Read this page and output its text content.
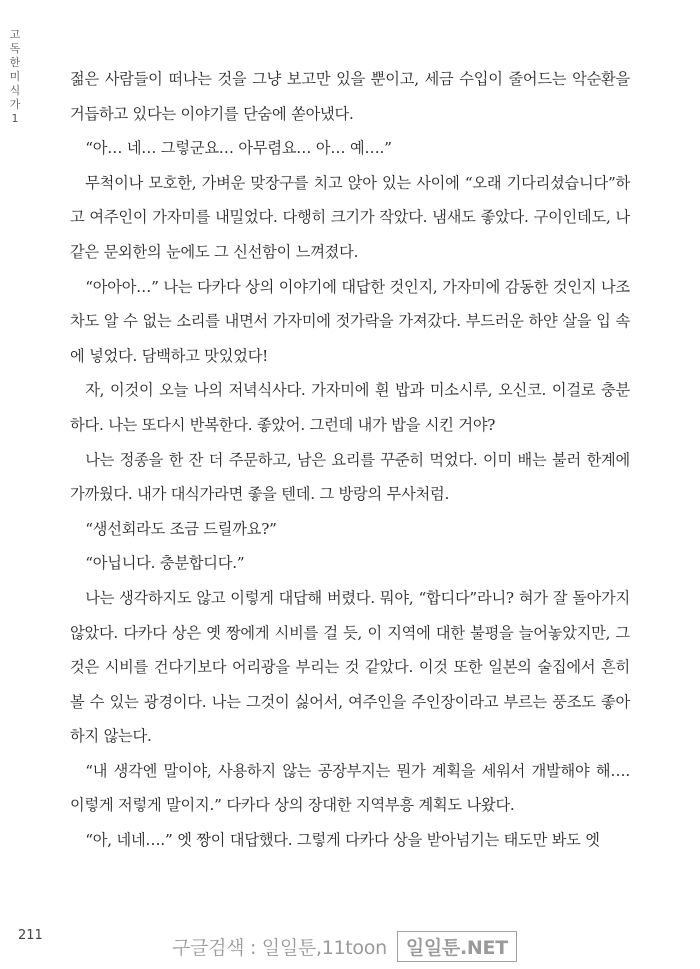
고독한 미식가 1

젊은 사람들이 떠나는 것을 그냥 보고만 있을 뿐이고, 세금 수입이 줄어드는 악순환을 거듭하고 있다는 이야기를 단숨에 쏟아냈다.

“아… 네… 그렇군요… 아무렴요… 아… 예….”

무척이나 모호한, 가벼운 맞장구를 치고 앉아 있는 사이에 “오래 기다리셨습니다”하고 여주인이 가자미를 내밀었다. 다행히 크기가 작았다. 냄새도 좋았다. 구이인데도, 나 같은 문외한의 눈에도 그 신선함이 느껴졌다.

“아아아…” 나는 다카다 상의 이야기에 대답한 것인지, 가자미에 감동한 것인지 나조차도 알 수 없는 소리를 내면서 가자미에 젓가락을 가져갔다. 부드러운 하얀 살을 입 속에 넣었다. 담백하고 맛있었다!

자, 이것이 오늘 나의 저녁식사다. 가자미에 흰 밥과 미소시루, 오신코. 이걸로 충분하다. 나는 또다시 반복한다. 좋았어. 그런데 내가 밥을 시킨 거야?

나는 정종을 한 잔 더 주문하고, 남은 요리를 꾸준히 먹었다. 이미 배는 불러 한계에 가까웠다. 내가 대식가라면 좋을 텐데. 그 방랑의 무사처럼.

“생선회라도 조금 드릴까요?”

“아닙니다. 충분합디다.”

나는 생각하지도 않고 이렇게 대답해 버렸다. 뭐야, “합디다”라니? 혀가 잘 돌아가지 않았다. 다카다 상은 옛 짱에게 시비를 걸 듯, 이 지역에 대한 불평을 늘어놓았지만, 그것은 시비를 건다기보다 어리광을 부리는 것 같았다. 이것 또한 일본의 술집에서 흔히 볼 수 있는 광경이다. 나는 그것이 싫어서, 여주인을 주인장이라고 부르는 풍조도 좋아하지 않는다.

“내 생각엔 말이야, 사용하지 않는 공장부지는 뭔가 계획을 세워서 개발해야 해…. 이렇게 저렇게 말이지.” 다카다 상의 장대한 지역부흥 계획도 나왔다.

“아, 네네….” 엣 짱이 대답했다. 그렇게 다카다 상을 받아넘기는 태도만 봐도 엣

211
구글검색 : 일일툰,11toon	일일툰.NET
